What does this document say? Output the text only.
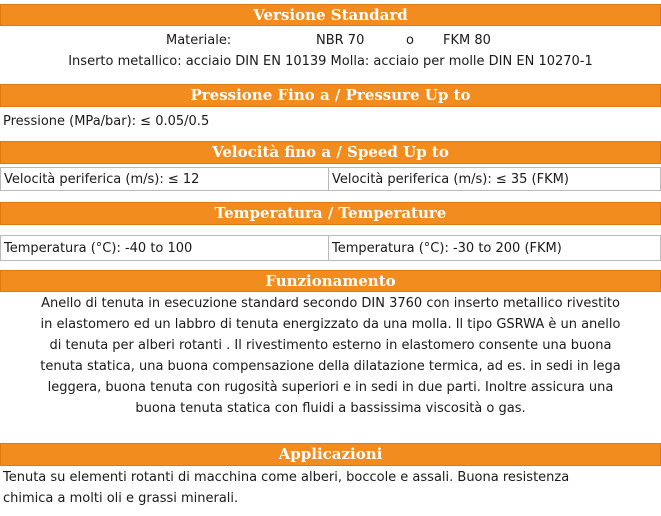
Versione Standard
Materiale:	NBR 70	o FKM 80
Inserto metallico: acciaio DIN EN 10139 Molla: acciaio per molle DIN EN 10270-1
Pressione Fino a / Pressure Up to
Pressione (MPa/bar): ≤ 0.05/0.5
Velocità fino a / Speed Up to
Velocità periferica (m/s): ≤ 12	Velocità periferica (m/s): ≤ 35 (FKM)
Temperatura / Temperature
Temperatura (°C): -40 to 100	Temperatura (°C): -30 to 200 (FKM)
Funzionamento
Anello di tenuta in esecuzione standard secondo DIN 3760 con inserto metallico rivestito
in elastomero ed un labbro di tenuta energizzato da una molla. Il tipo GSRWA è un anello
di tenuta per alberi rotanti . Il rivestimento esterno in elastomero consente una buona
tenuta statica, una buona compensazione della dilatazione termica, ad es. in sedi in lega
leggera, buona tenuta con rugosità superiori e in sedi in due parti. Inoltre assicura una
buona tenuta statica con fluidi a bassissima viscosità o gas.
Applicazioni
Tenuta su elementi rotanti di macchina come alberi, boccole e assali. Buona resistenza
chimica a molti oli e grassi minerali.
